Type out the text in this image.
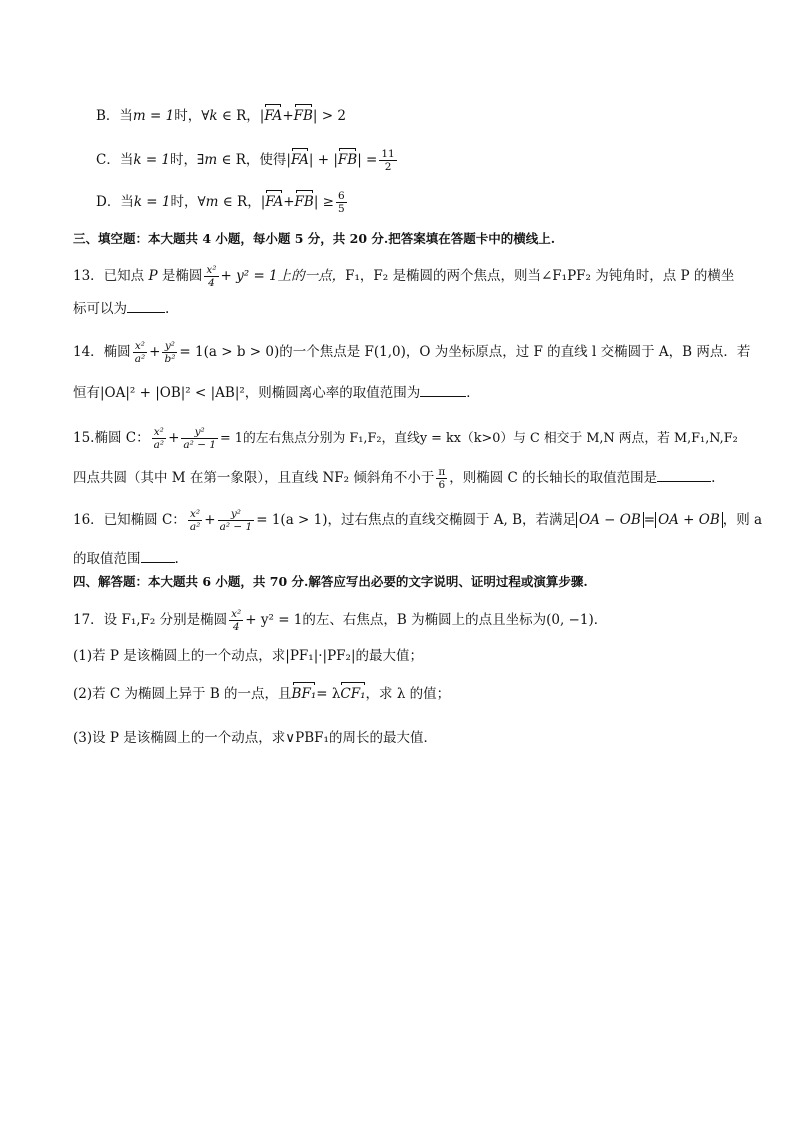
B．当m = 1时，∀k ∈ R，|FA+FB| > 2
C．当k = 1时，∃m ∈ R，使得$|FA| + |FB| = \frac{11}{2}$
D．当k = 1时，∀m ∈ R，$|FA+FB| \ge \frac{6}{5}$
三、填空题：本大题共 4 小题，每小题 5 分，共 20 分.把答案填在答题卡中的横线上.
13．已知点 P 是椭圆 $\frac{\text{x²}}{4} + y^2 = 1$上的一点，F₁，F₂ 是椭圆的两个焦点，则当∠F₁PF₂ 为钝角时，点 P 的横坐
标可以为	.
14．椭圆 $\frac{\text{x²}}{\text{a²}} + \frac{\text{y²}}{\text{b²}} = 1(a > b > 0)$的一个焦点是 F(1,0)，O 为坐标原点，过 F 的直线 l 交椭圆于 A，B 两点．若
恒有|OA|² + |OB|² < |AB|²，则椭圆离心率的取值范围为	．
15.椭圆 C： $\frac{\text{x²}}{\text{a²}} + \frac{\text{y²}}{\text{a² − 1}} = 1$的左右焦点分别为 F₁,F₂，直线y = kx（k>0）与 C 相交于 M,N 两点，若 M,F₁,N,F₂
四点共圆（其中 M 在第一象限），且直线 NF₂ 倾斜角不小于 $\frac{\pi}{6}$ ，则椭圆 C 的长轴长的取值范围是	.
16．已知椭圆 C： $\frac{\text{x²}}{\text{a²}} + \frac{\text{y²}}{\text{a² − 1}} = 1(a > 1)$，过右焦点的直线交椭圆于 A, B，若满足 OA − OB = OA + OB ，则 a
的取值范围	.
四、解答题：本大题共 6 小题，共 70 分.解答应写出必要的文字说明、证明过程或演算步骤.
17．设 F₁,F₂ 分别是椭圆 $\frac{\text{x²}}{4} + y^2 = 1$的左、右焦点，B 为椭圆上的点且坐标为(0, −1)．
(1)若 P 是该椭圆上的一个动点，求|PF₁|·|PF₂|的最大值；
(2)若 C 为椭圆上异于 B 的一点，且BF₁= λCF₁，求 λ 的值；
(3)设 P 是该椭圆上的一个动点，求∨PBF₁的周长的最大值．
